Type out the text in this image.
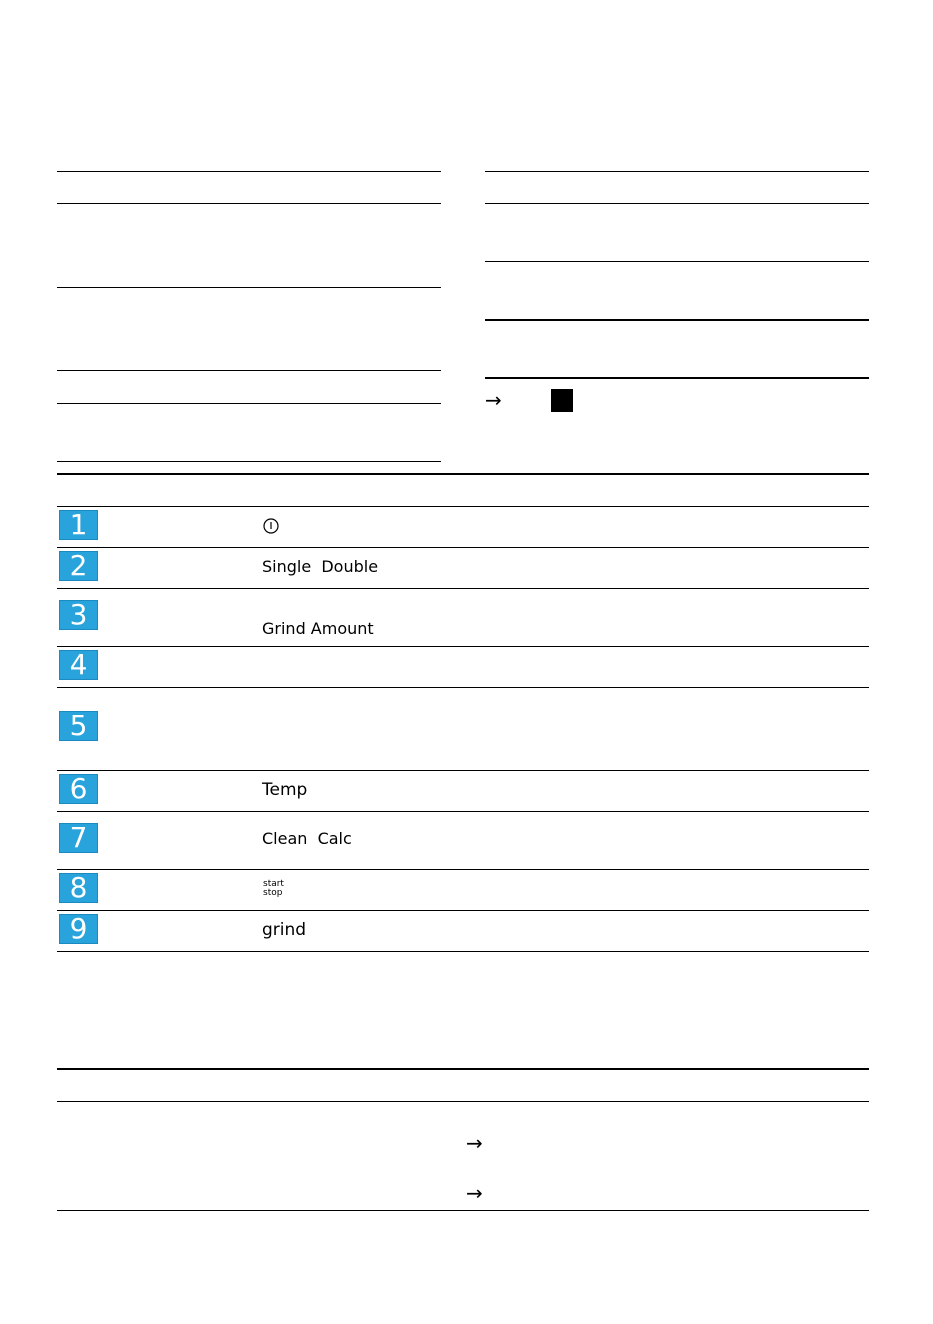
→
1
2	Single  Double
3	Grind Amount
4
5
6	Temp
7	Clean  Calc
8	start
stop
9	grind
→
→
